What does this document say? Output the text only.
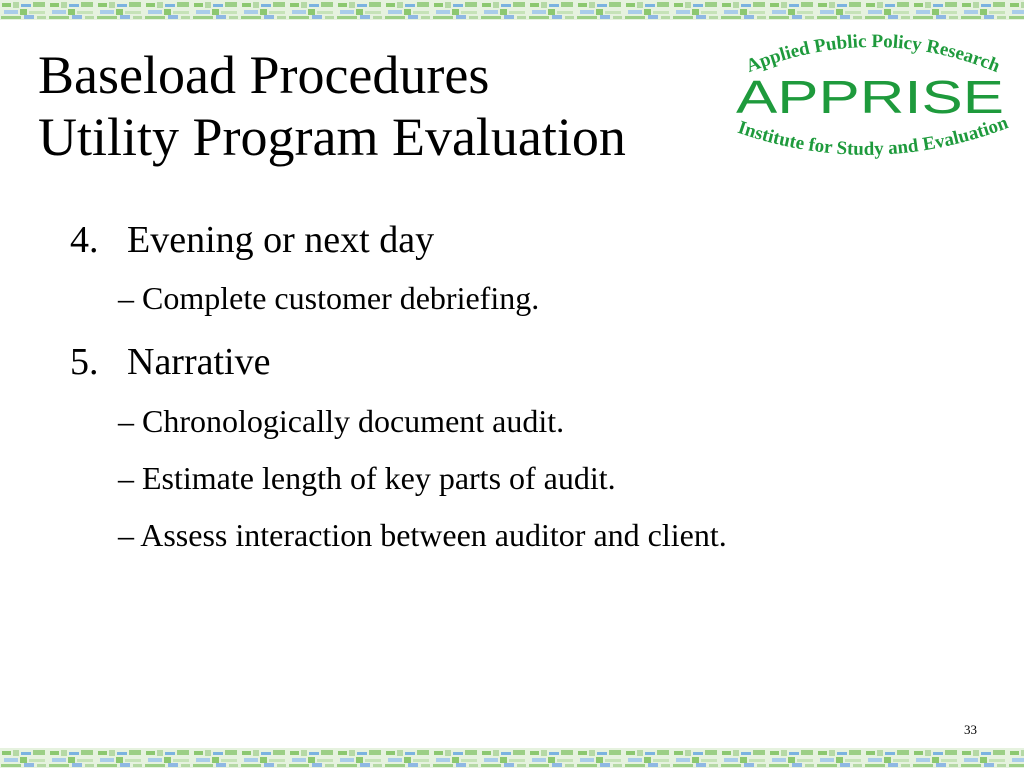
Baseload Procedures
Utility Program Evaluation
Applied Public Policy Research
APPRISE
Institute for Study and Evaluation
4. Evening or next day
– Complete customer debriefing.
5. Narrative
– Chronologically document audit.
– Estimate length of key parts of audit.
– Assess interaction between auditor and client.
33
